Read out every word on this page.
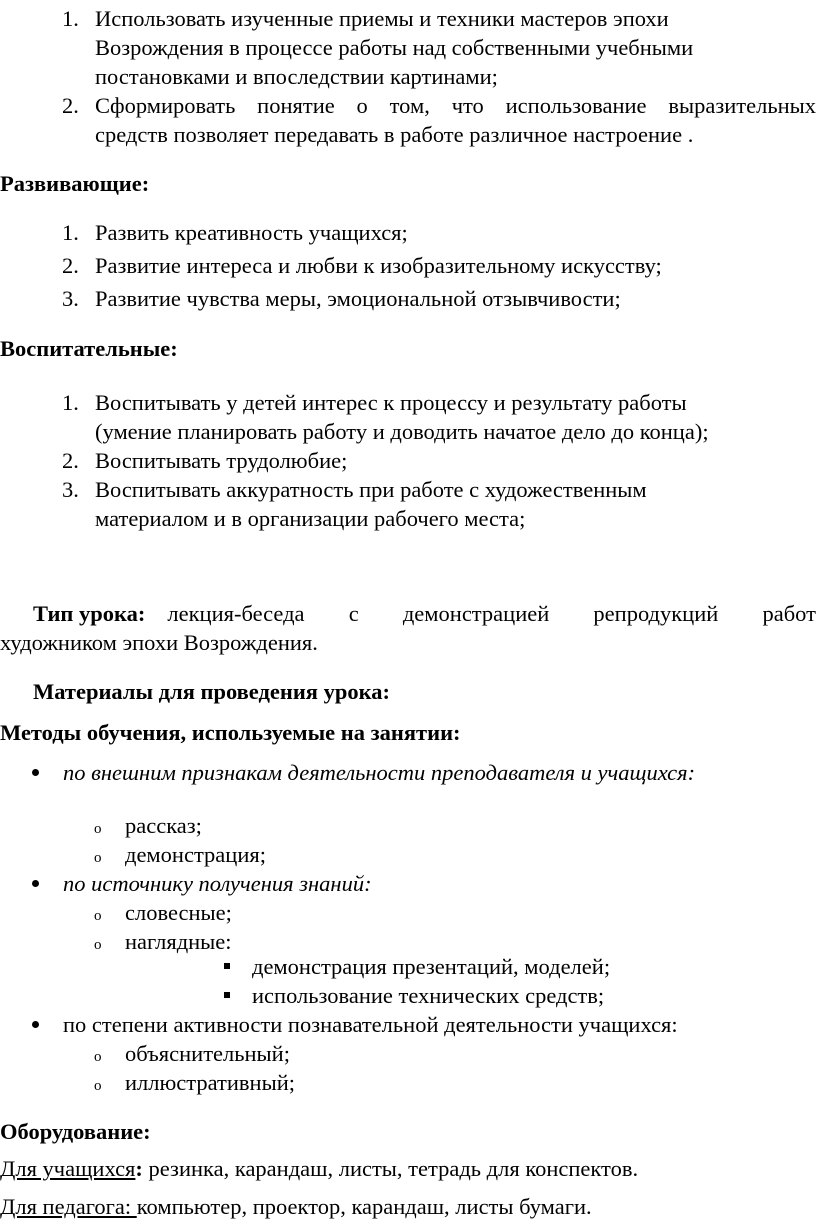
1. Использовать изученные приемы и техники мастеров эпохи
Возрождения в процессе работы над собственными учебными
постановками и впоследствии картинами;
2. Сформировать понятие о том, что использование выразительных
средств позволяет передавать в работе различное настроение .
Развивающие:
1. Развить креативность учащихся;
2. Развитие интереса и любви к изобразительному искусству;
3. Развитие чувства меры, эмоциональной отзывчивости;
Воспитательные:
1. Воспитывать у детей интерес к процессу и результату работы
(умение планировать работу и доводить начатое дело до конца);
2. Воспитывать трудолюбие;
3. Воспитывать аккуратность при работе с художественным
материалом и в организации рабочего места;
Тип урока: лекция-беседа с демонстрацией репродукций работ
художником эпохи Возрождения.
Материалы для проведения урока:
Методы обучения, используемые на занятии:
по внешним признакам деятельности преподавателя и учащихся:
o рассказ;
o демонстрация;
по источнику получения знаний:
o словесные;
o наглядные:
демонстрация презентаций, моделей;
использование технических средств;
по степени активности познавательной деятельности учащихся:
o объяснительный;
o иллюстративный;
Оборудование:
Для учащихся: резинка, карандаш, листы, тетрадь для конспектов.
Для педагога: компьютер, проектор, карандаш, листы бумаги.
